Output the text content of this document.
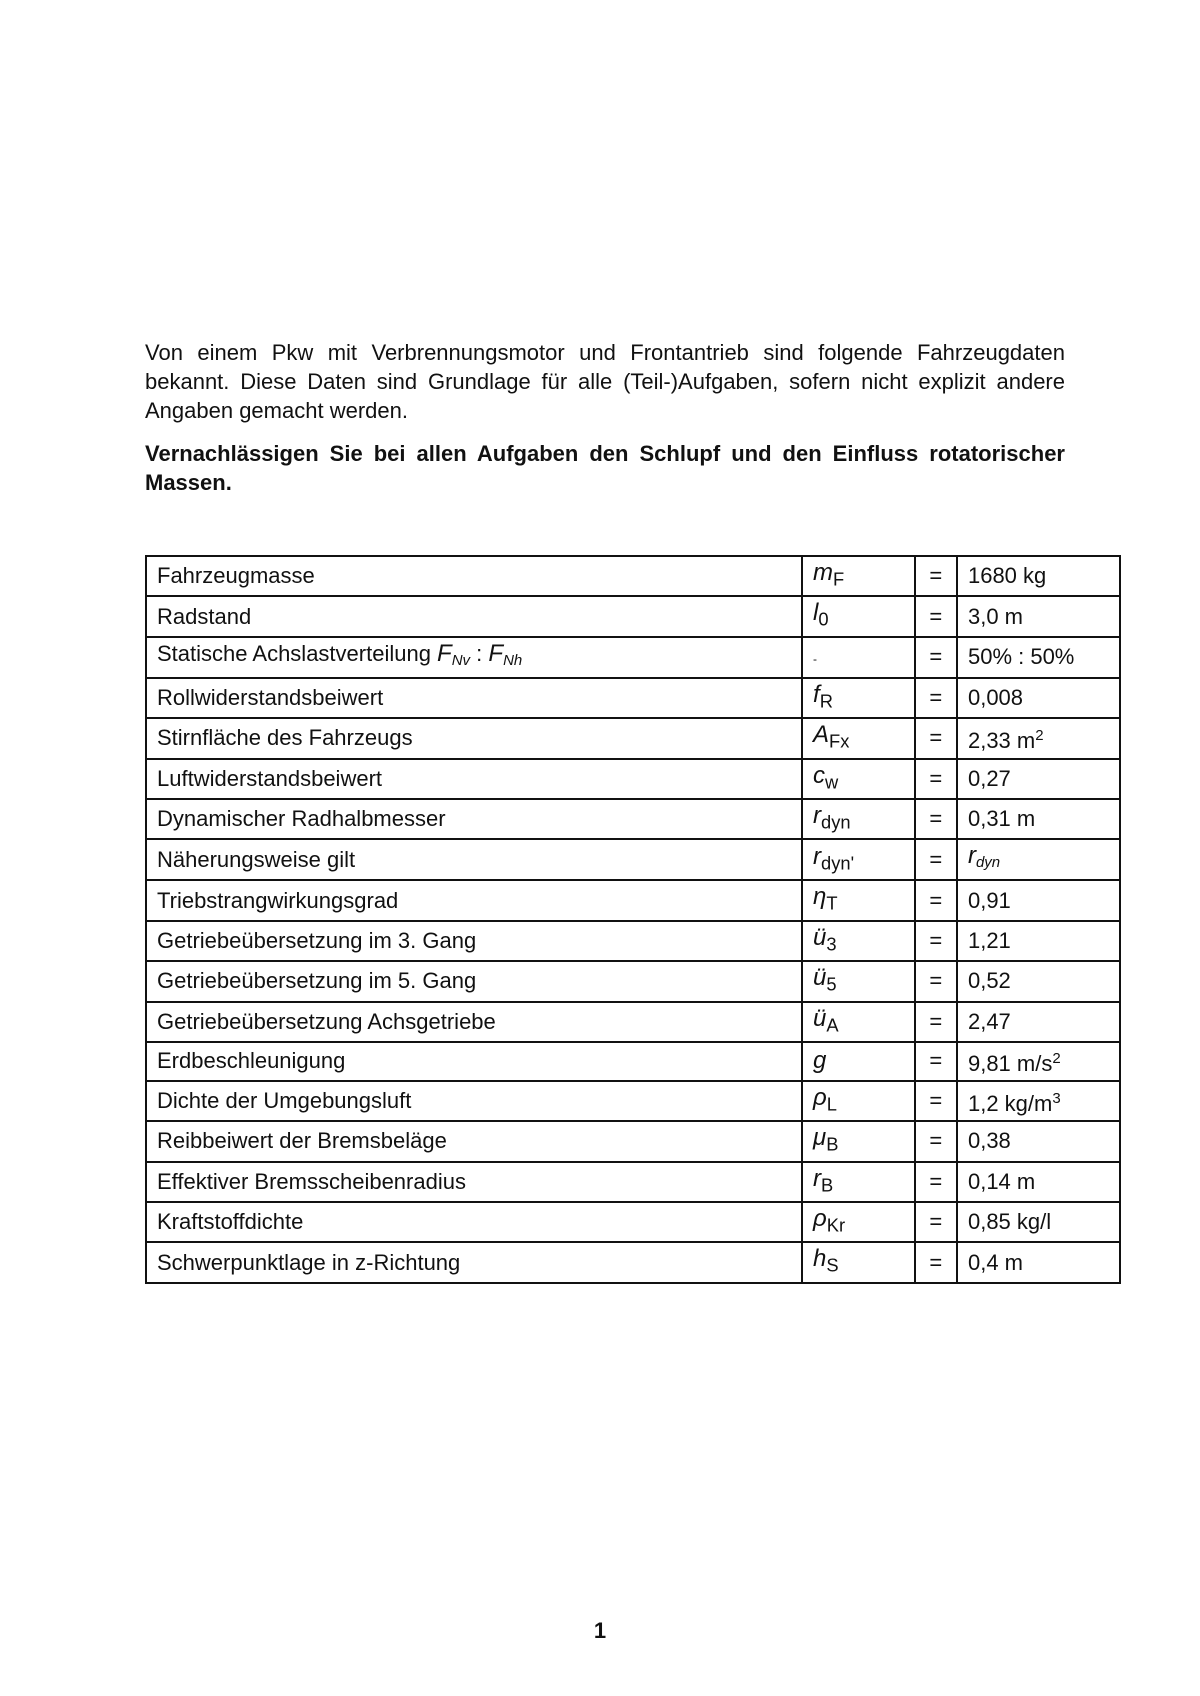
Von einem Pkw mit Verbrennungsmotor und Frontantrieb sind folgende Fahrzeugdaten bekannt. Diese Daten sind Grundlage für alle (Teil-)Aufgaben, sofern nicht explizit andere Angaben gemacht werden.

Vernachlässigen Sie bei allen Aufgaben den Schlupf und den Einfluss rotatorischer Massen.

Fahrzeugmasse	$m_F$	=	1680 kg
Radstand	$l_0$	=	3,0 m
Statische Achslastverteilung $F_{Nv}$ : $F_{Nh}$	-	=	50% : 50%
Rollwiderstandsbeiwert	$f_R$	=	0,008
Stirnfläche des Fahrzeugs	$A_{Fx}$	=	2,33 $m^2$
Luftwiderstandsbeiwert	$c_w$	=	0,27
Dynamischer Radhalbmesser	$r_{dyn}$	=	0,31 m
Näherungsweise gilt	$r_{dyn'}$	=	$r_{dyn}$
Triebstrangwirkungsgrad	$\eta_T$	=	0,91
Getriebeübersetzung im 3. Gang	$ü_3$	=	1,21
Getriebeübersetzung im 5. Gang	$ü_5$	=	0,52
Getriebeübersetzung Achsgetriebe	$ü_A$	=	2,47
Erdbeschleunigung	g	=	9,81 $m/s^2$
Dichte der Umgebungsluft	$\rho_L$	=	1,2 $kg/m^3$
Reibbeiwert der Bremsbeläge	$\mu_B$	=	0,38
Effektiver Bremsscheibenradius	$r_B$	=	0,14 m
Kraftstoffdichte	$\rho_{Kr}$	=	0,85 kg/l
Schwerpunktlage in z-Richtung	$h_S$	=	0,4 m
1
